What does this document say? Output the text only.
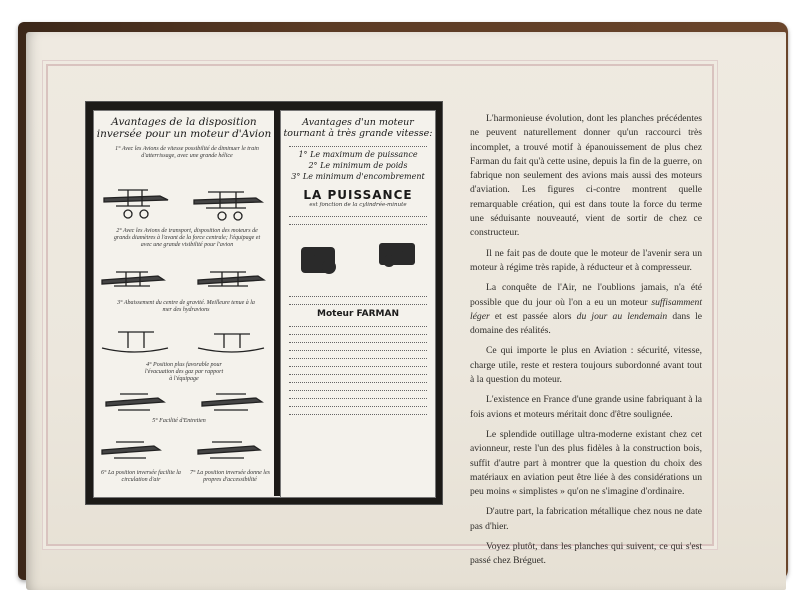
Avantages de la disposition inversée pour un moteur d'Avion
1° Avec les Avions de vitesse possibilité de diminuer le train d'atterrissage, avec une grande hélice
2° Avec les Avions de transport, disposition des moteurs de grands diamètres à l'avant de la force centrale; l'équipage et avec une grande visibilité pour l'avion
3° Abaissement du centre de gravité. Meilleure tenue à la mer des hydravions
4° Position plus favorable pour l'évacuation des gaz par rapport à l'équipage
5° Facilité d'Entretien
6° La position inversée facilite la circulation d'air
7° La position inversée donne les propres d'accessibilité
Avantages d'un moteur tournant à très grande vitesse:
1° Le maximum de puissance
2° Le minimum de poids
3° Le minimum d'encombrement
LA PUISSANCE
est fonction de la cylindrée-minute
Moteur FARMAN

L'harmonieuse évolution, dont les planches précédentes ne peuvent naturellement donner qu'un raccourci très incomplet, a trouvé motif à épanouissement de plus chez Farman du fait qu'à cette usine, depuis la fin de la guerre, on fabrique non seulement des avions mais aussi des moteurs d'aviation. Les figures ci-contre montrent quelle remarquable création, qui est dans toute la force du terme une séduisante nouveauté, vient de sortir de chez ce constructeur.

Il ne fait pas de doute que le moteur de l'avenir sera un moteur à régime très rapide, à réducteur et à compresseur.

La conquête de l'Air, ne l'oublions jamais, n'a été possible que du jour où l'on a eu un moteur suffisamment léger et est passée alors du jour au lendemain dans le domaine des réalités.

Ce qui importe le plus en Aviation : sécurité, vitesse, charge utile, reste et restera toujours subordonné avant tout à la question du moteur.

L'existence en France d'une grande usine fabriquant à la fois avions et moteurs méritait donc d'être soulignée.

Le splendide outillage ultra-moderne existant chez cet avionneur, reste l'un des plus fidèles à la construction bois, suffit d'autre part à montrer que la question du choix des matériaux en aviation peut être liée à des considérations un peu moins « simplistes » qu'on ne s'imagine d'ordinaire.

D'autre part, la fabrication métallique chez nous ne date pas d'hier.

Voyez plutôt, dans les planches qui suivent, ce qui s'est passé chez Bréguet.
